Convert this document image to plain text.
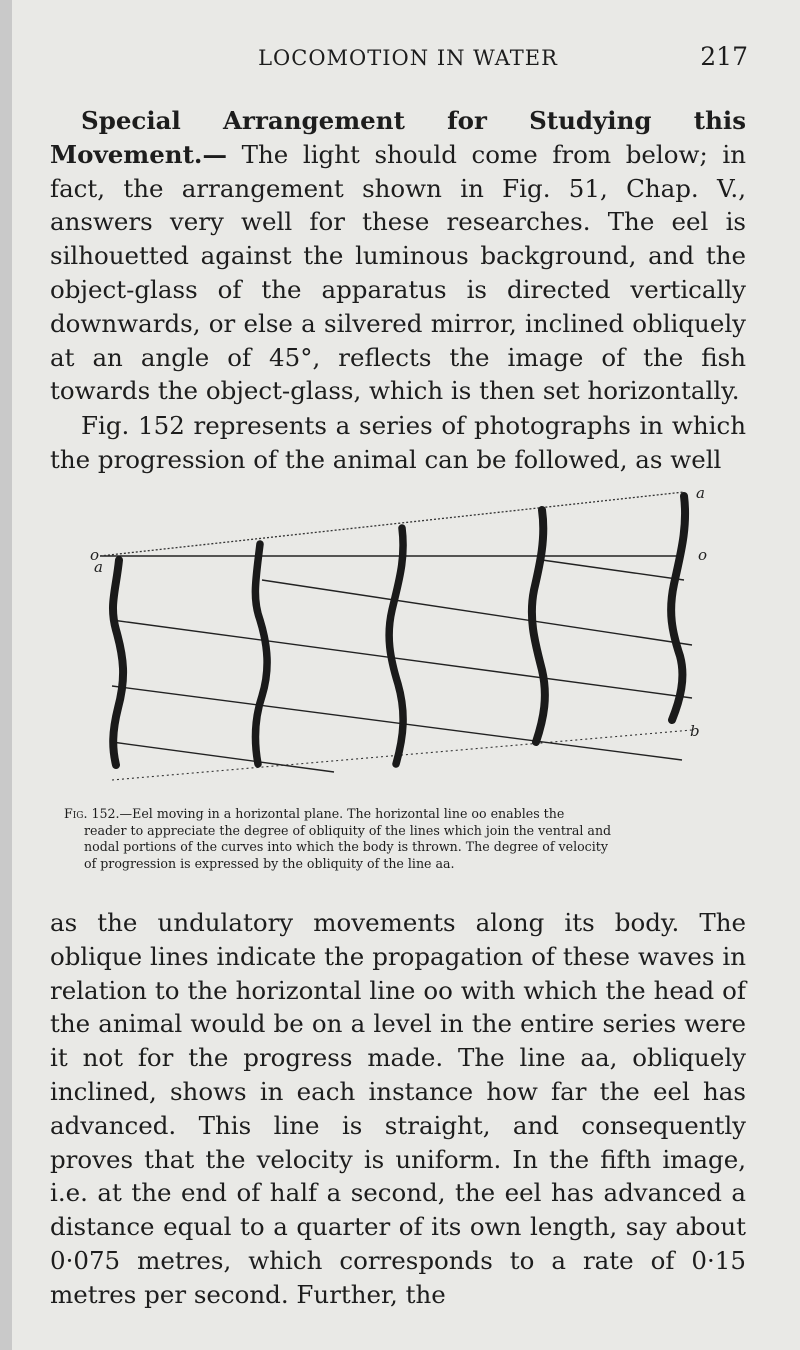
LOCOMOTION IN WATER	217
Special Arrangement for Studying this Movement.— The light should come from below; in fact, the arrangement shown in Fig. 51, Chap. V., answers very well for these researches. The eel is silhouetted against the luminous background, and the object-glass of the apparatus is directed vertically downwards, or else a silvered mirror, inclined obliquely at an angle of 45°, reflects the image of the fish towards the object-glass, which is then set horizontally.
Fig. 152 represents a series of photographs in which the progression of the animal can be followed, as well
o
a
o
a
b
Fig. 152.—Eel moving in a horizontal plane. The horizontal line oo enables the
reader to appreciate the degree of obliquity of the lines which join the ventral and
nodal portions of the curves into which the body is thrown. The degree of velocity
of progression is expressed by the obliquity of the line aa.
as the undulatory movements along its body. The oblique lines indicate the propagation of these waves in relation to the horizontal line oo with which the head of the animal would be on a level in the entire series were it not for the progress made. The line aa, obliquely inclined, shows in each instance how far the eel has advanced. This line is straight, and consequently proves that the velocity is uniform. In the fifth image, i.e. at the end of half a second, the eel has advanced a distance equal to a quarter of its own length, say about 0·075 metres, which corresponds to a rate of 0·15 metres per second. Further, the
